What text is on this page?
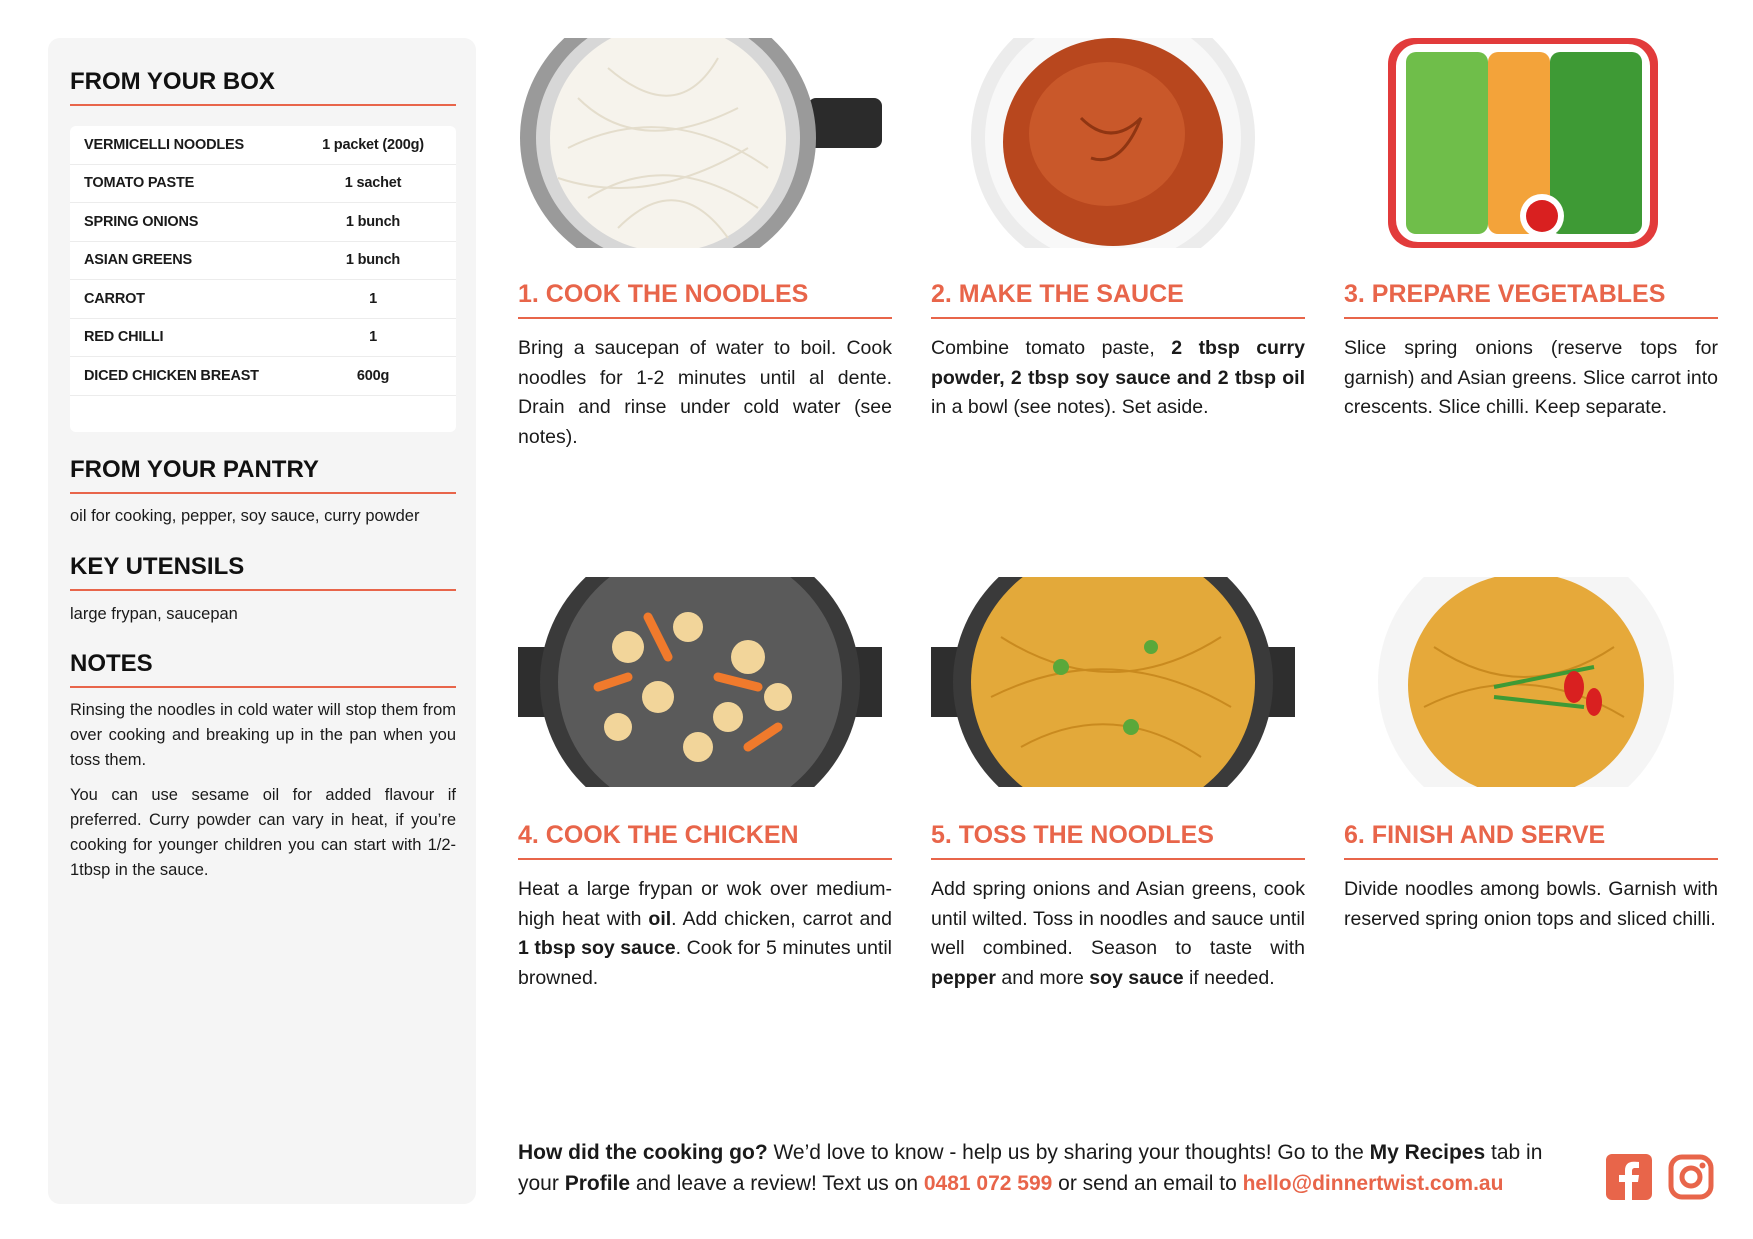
FROM YOUR BOX
VERMICELLI NOODLES	1 packet (200g)
TOMATO PASTE	1 sachet
SPRING ONIONS	1 bunch
ASIAN GREENS	1 bunch
CARROT	1
RED CHILLI	1
DICED CHICKEN BREAST	600g
FROM YOUR PANTRY
oil for cooking, pepper, soy sauce, curry powder
KEY UTENSILS
large frypan, saucepan
NOTES
Rinsing the noodles in cold water will stop them from over cooking and breaking up in the pan when you toss them.
You can use sesame oil for added flavour if preferred. Curry powder can vary in heat, if you’re cooking for younger children you can start with 1/2-1tbsp in the sauce.
1. COOK THE NOODLES	2. MAKE THE SAUCE	3. PREPARE VEGETABLES
4. COOK THE CHICKEN	5. TOSS THE NOODLES	6. FINISH AND SERVE
Bring a saucepan of water to boil. Cook noodles for 1-2 minutes until al dente. Drain and rinse under cold water (see notes).
Combine tomato paste, 2 tbsp curry powder, 2 tbsp soy sauce and 2 tbsp oil in a bowl (see notes). Set aside.
Slice spring onions (reserve tops for garnish) and Asian greens. Slice carrot into crescents. Slice chilli. Keep separate.
Heat a large frypan or wok over medium-high heat with oil. Add chicken, carrot and 1 tbsp soy sauce. Cook for 5 minutes until browned.
Add spring onions and Asian greens, cook until wilted. Toss in noodles and sauce until well combined. Season to taste with pepper and more soy sauce if needed.
Divide noodles among bowls. Garnish with reserved spring onion tops and sliced chilli.
How did the cooking go? We’d love to know - help us by sharing your thoughts! Go to the My Recipes tab in your Profile and leave a review! Text us on 0481 072 599 or send an email to hello@dinnertwist.com.au
